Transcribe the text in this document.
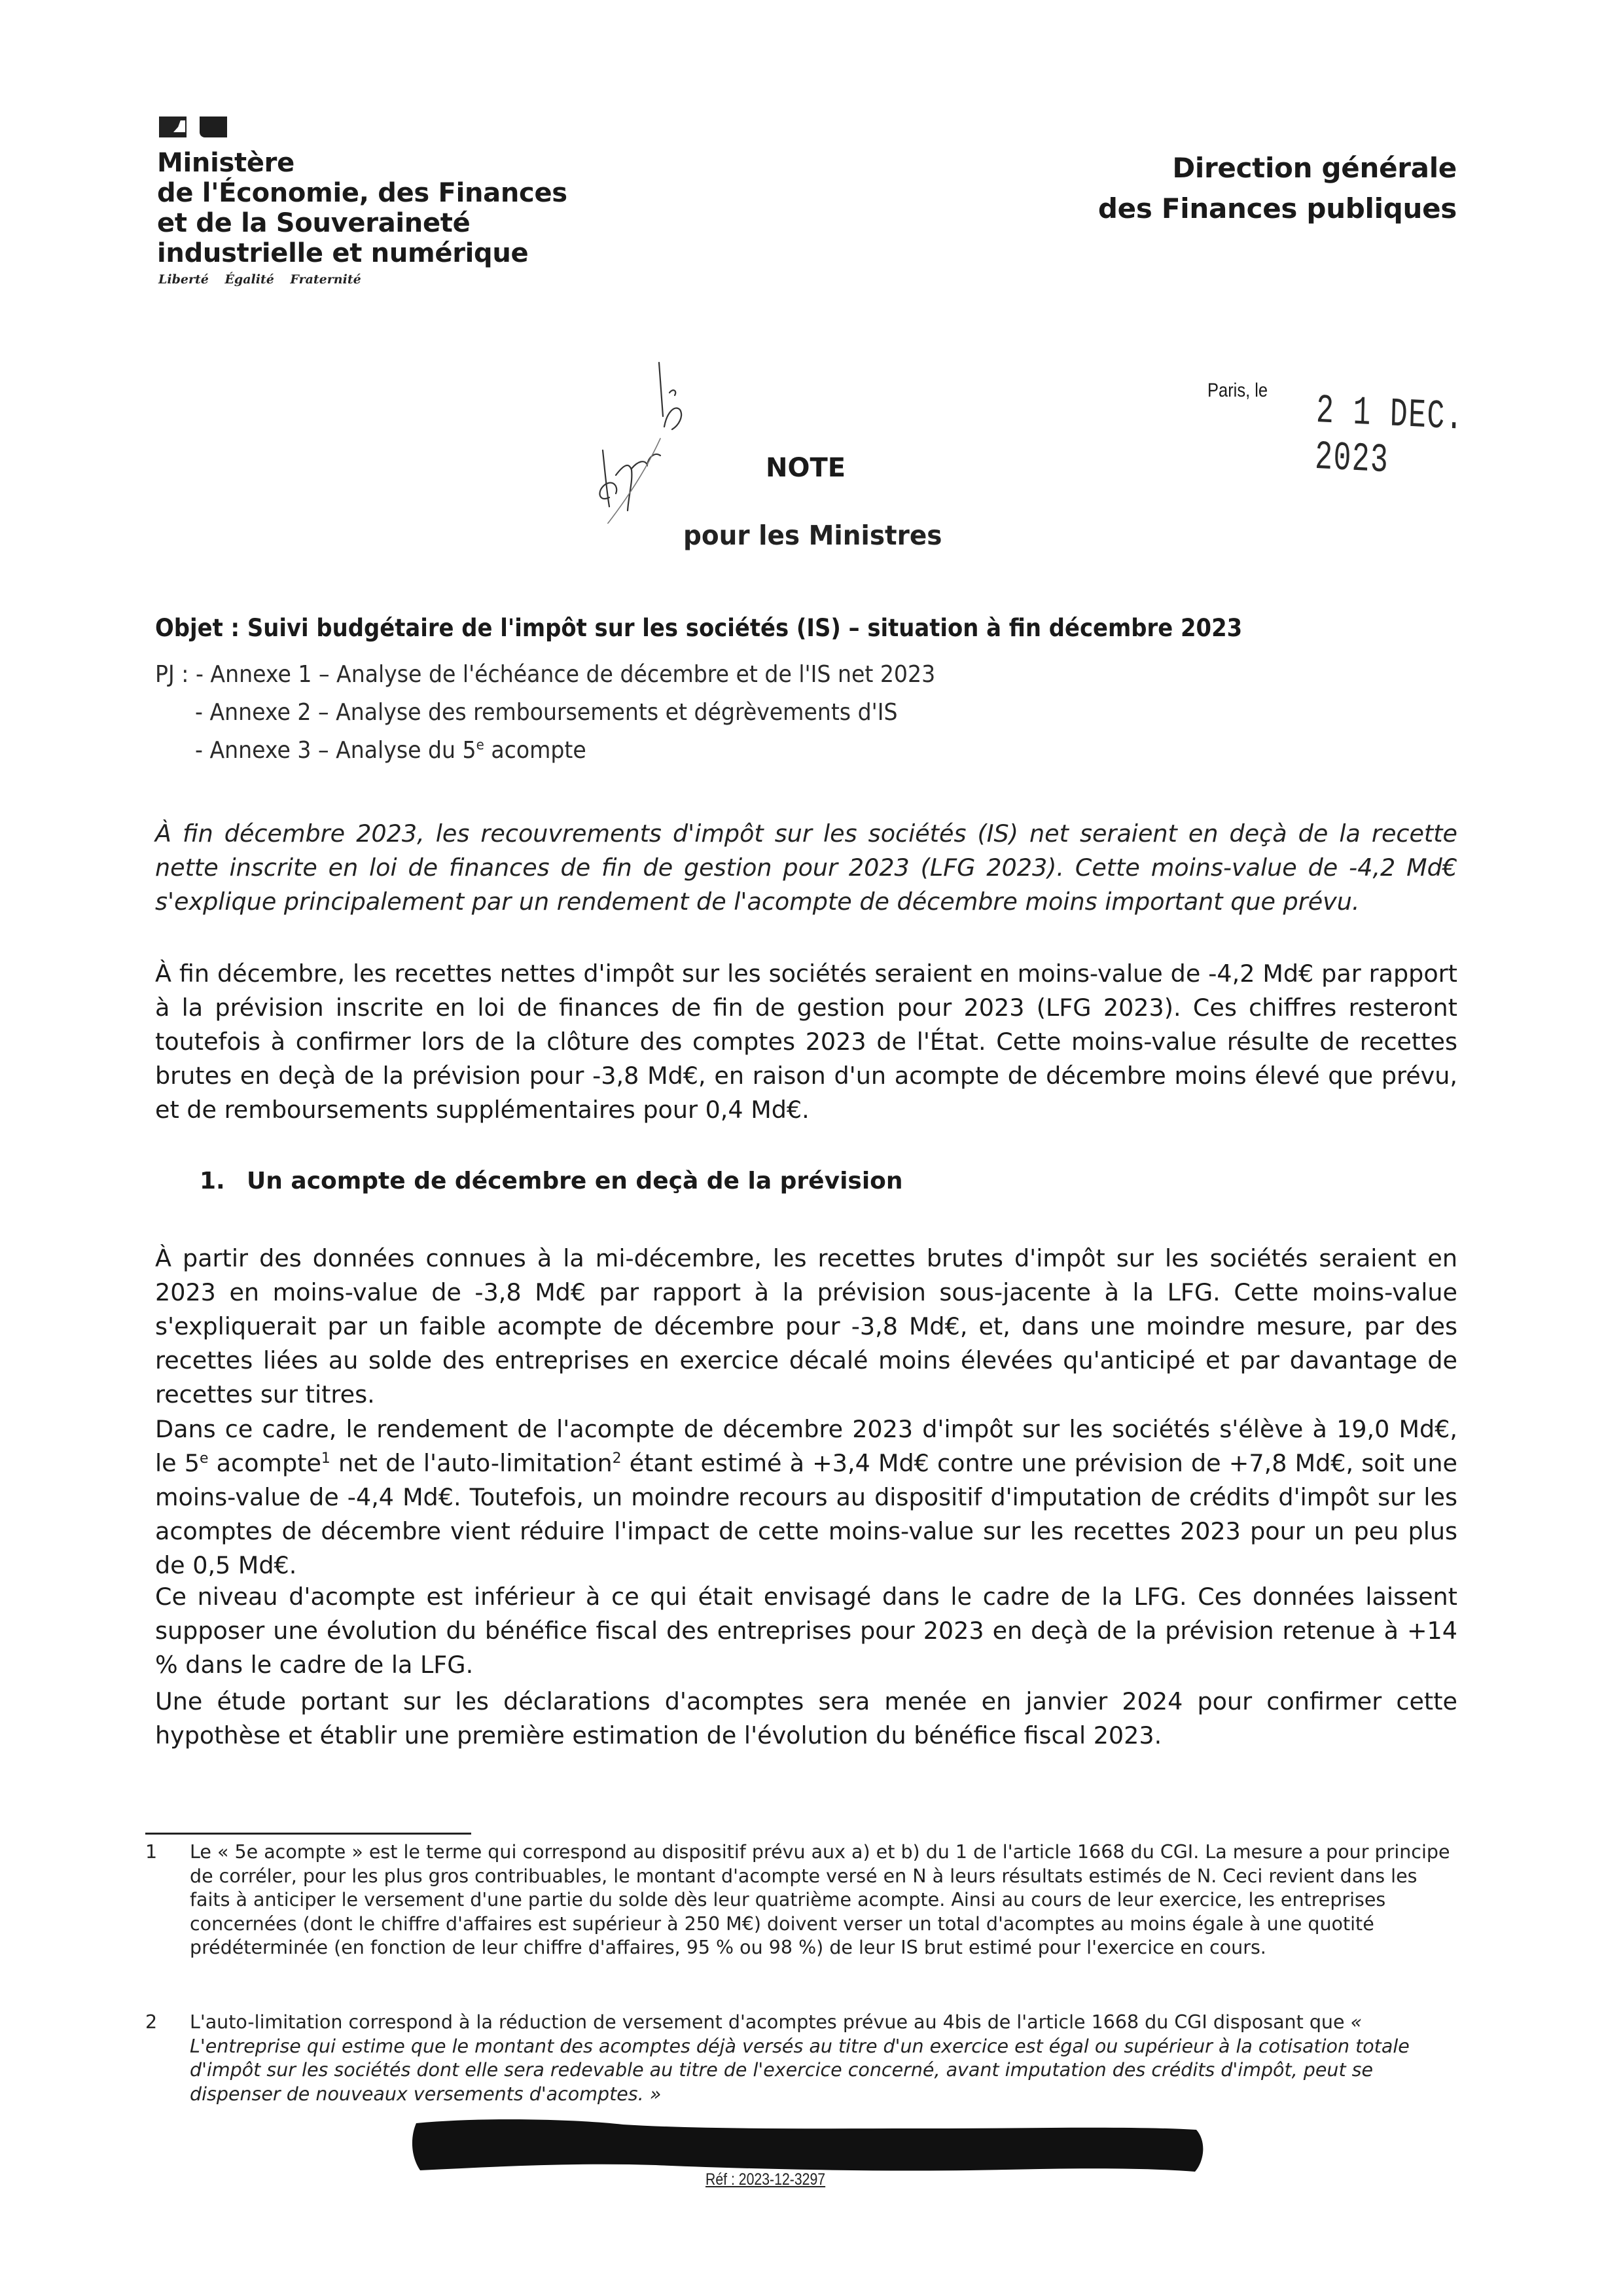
Ministère
de l'Économie, des Finances
et de la Souveraineté
industrielle et numérique
Liberté Égalité Fraternité
Direction générale
des Finances publiques
Paris, le 2 1 DEC. 2023
NOTE
pour les Ministres
Objet : Suivi budgétaire de l'impôt sur les sociétés (IS) – situation à fin décembre 2023
PJ : - Annexe 1 – Analyse de l'échéance de décembre et de l'IS net 2023
- Annexe 2 – Analyse des remboursements et dégrèvements d'IS
- Annexe 3 – Analyse du 5e acompte

À fin décembre 2023, les recouvrements d'impôt sur les sociétés (IS) net seraient en deçà de la recette nette inscrite en loi de finances de fin de gestion pour 2023 (LFG 2023). Cette moins-value de -4,2 Md€ s'explique principalement par un rendement de l'acompte de décembre moins important que prévu.

À fin décembre, les recettes nettes d'impôt sur les sociétés seraient en moins-value de -4,2 Md€ par rapport à la prévision inscrite en loi de finances de fin de gestion pour 2023 (LFG 2023). Ces chiffres resteront toutefois à confirmer lors de la clôture des comptes 2023 de l'État. Cette moins-value résulte de recettes brutes en deçà de la prévision pour -3,8 Md€, en raison d'un acompte de décembre moins élevé que prévu, et de remboursements supplémentaires pour 0,4 Md€.

1. Un acompte de décembre en deçà de la prévision

À partir des données connues à la mi-décembre, les recettes brutes d'impôt sur les sociétés seraient en 2023 en moins-value de -3,8 Md€ par rapport à la prévision sous-jacente à la LFG. Cette moins-value s'expliquerait par un faible acompte de décembre pour -3,8 Md€, et, dans une moindre mesure, par des recettes liées au solde des entreprises en exercice décalé moins élevées qu'anticipé et par davantage de recettes sur titres.

Dans ce cadre, le rendement de l'acompte de décembre 2023 d'impôt sur les sociétés s'élève à 19,0 Md€, le 5e acompte$^1$ net de l'auto-limitation$^2$ étant estimé à +3,4 Md€ contre une prévision de +7,8 Md€, soit une moins-value de -4,4 Md€. Toutefois, un moindre recours au dispositif d'imputation de crédits d'impôt sur les acomptes de décembre vient réduire l'impact de cette moins-value sur les recettes 2023 pour un peu plus de 0,5 Md€.

Ce niveau d'acompte est inférieur à ce qui était envisagé dans le cadre de la LFG. Ces données laissent supposer une évolution du bénéfice fiscal des entreprises pour 2023 en deçà de la prévision retenue à +14 % dans le cadre de la LFG.

Une étude portant sur les déclarations d'acomptes sera menée en janvier 2024 pour confirmer cette hypothèse et établir une première estimation de l'évolution du bénéfice fiscal 2023.

1 Le « 5e acompte » est le terme qui correspond au dispositif prévu aux a) et b) du 1 de l'article 1668 du CGI. La mesure a pour principe de corréler, pour les plus gros contribuables, le montant d'acompte versé en N à leurs résultats estimés de N. Ceci revient dans les faits à anticiper le versement d'une partie du solde dès leur quatrième acompte. Ainsi au cours de leur exercice, les entreprises concernées (dont le chiffre d'affaires est supérieur à 250 M€) doivent verser un total d'acomptes au moins égale à une quotité prédéterminée (en fonction de leur chiffre d'affaires, 95 % ou 98 %) de leur IS brut estimé pour l'exercice en cours.
2 L'auto-limitation correspond à la réduction de versement d'acomptes prévue au 4bis de l'article 1668 du CGI disposant que « L'entreprise qui estime que le montant des acomptes déjà versés au titre d'un exercice est égal ou supérieur à la cotisation totale d'impôt sur les sociétés dont elle sera redevable au titre de l'exercice concerné, avant imputation des crédits d'impôt, peut se dispenser de nouveaux versements d'acomptes. »
Réf : 2023-12-3297
